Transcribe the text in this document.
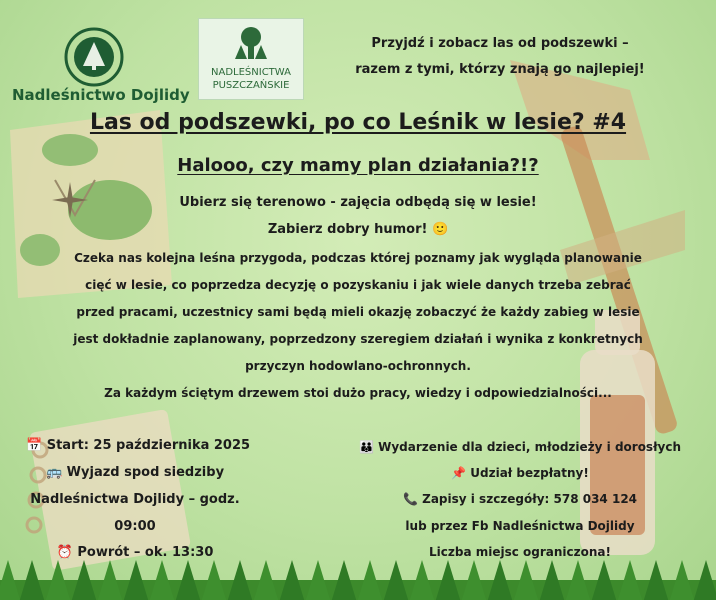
Nadleśnictwo Dojlidy
NADLEŚNICTWA
PUSZCZAŃSKIE
Przyjdź i zobacz las od podszewki –
razem z tymi, którzy znają go najlepiej!
Las od podszewki, po co Leśnik w lesie? #4
Halooo, czy mamy plan działania?!?
Ubierz się terenowo - zajęcia odbędą się w lesie!
Zabierz dobry humor! 🙂
Czeka nas kolejna leśna przygoda, podczas której poznamy jak wygląda planowanie
cięć w lesie, co poprzedza decyzję o pozyskaniu i jak wiele danych trzeba zebrać
przed pracami, uczestnicy sami będą mieli okazję zobaczyć że każdy zabieg w lesie
jest dokładnie zaplanowany, poprzedzony szeregiem działań i wynika z konkretnych
przyczyn hodowlano-ochronnych.
Za każdym ściętym drzewem stoi dużo pracy, wiedzy i odpowiedzialności...
📅 Start: 25 października 2025
🚌 Wyjazd spod siedziby
Nadleśnictwa Dojlidy – godz.
09:00
⏰ Powrót – ok. 13:30
👪 Wydarzenie dla dzieci, młodzieży i dorosłych
📌 Udział bezpłatny!
📞 Zapisy i szczegóły: 578 034 124
lub przez Fb Nadleśnictwa Dojlidy
Liczba miejsc ograniczona!
